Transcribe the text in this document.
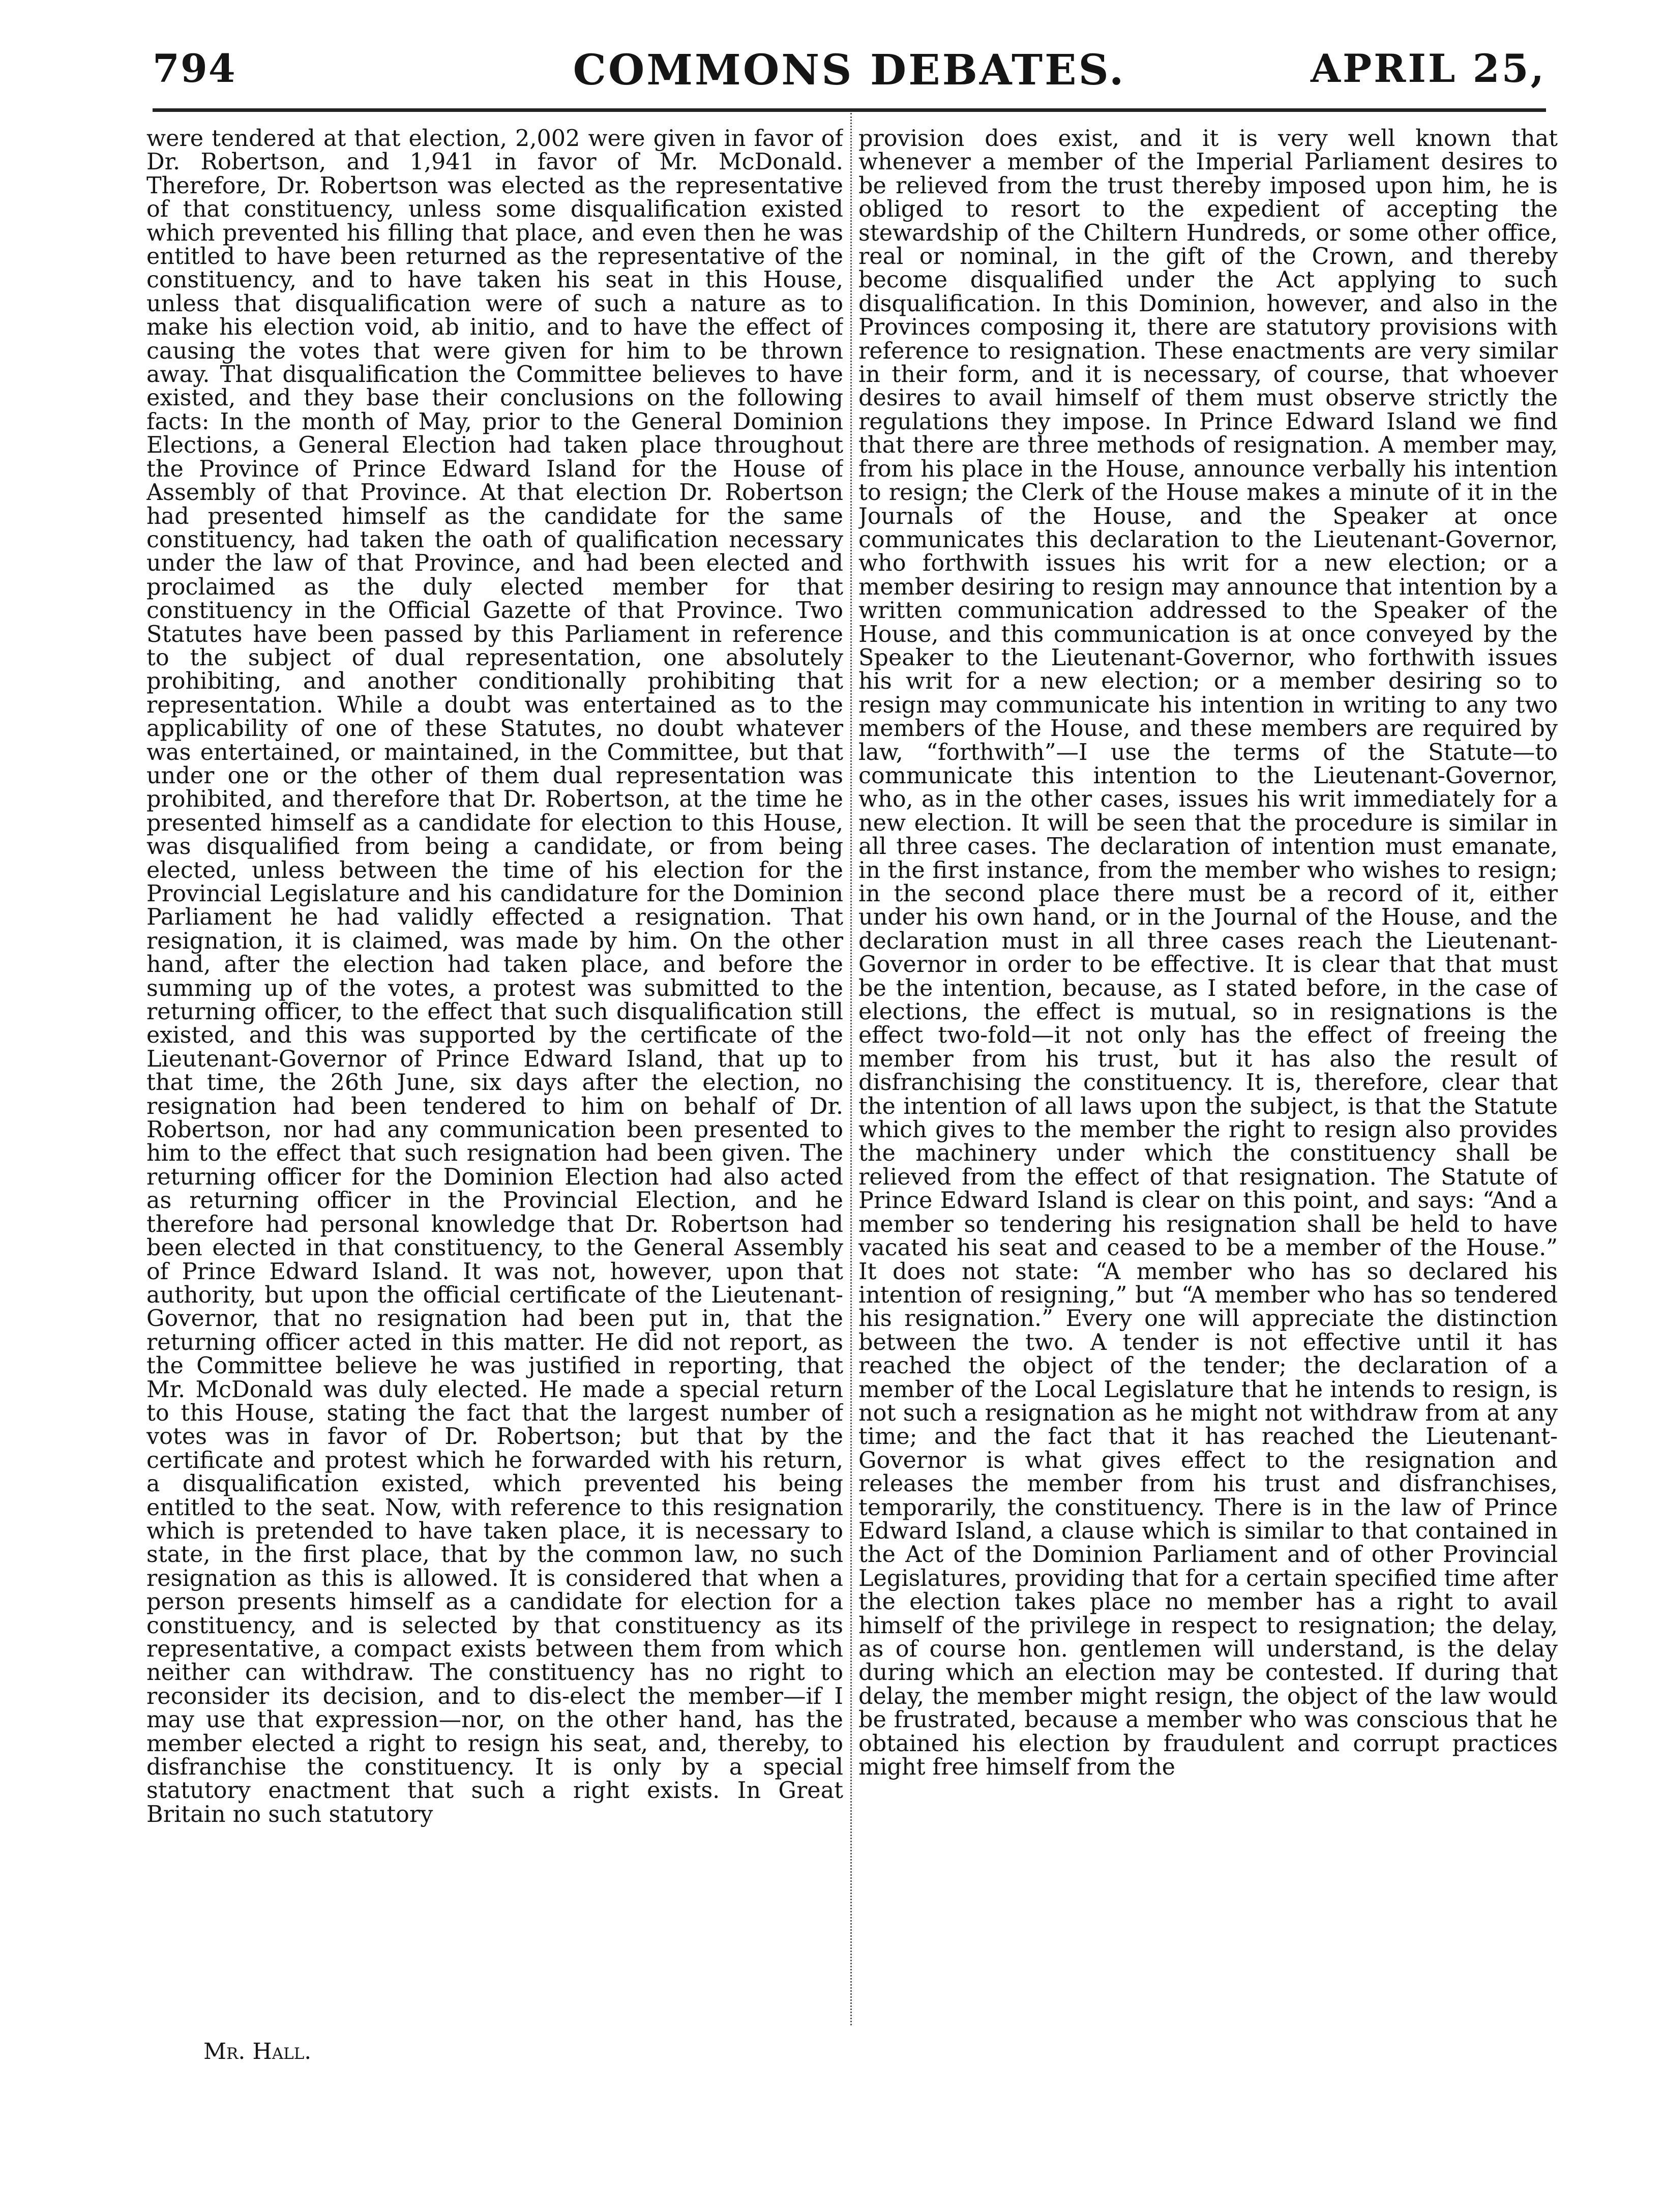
794	COMMONS DEBATES.	APRIL 25,

were tendered at that election, 2,002 were given in favor of Dr. Robertson, and 1,941 in favor of Mr. McDonald. Therefore, Dr. Robertson was elected as the representative of that constituency, unless some disqualification existed which prevented his filling that place, and even then he was entitled to have been returned as the representative of the constituency, and to have taken his seat in this House, unless that disqualification were of such a nature as to make his election void, ab initio, and to have the effect of causing the votes that were given for him to be thrown away. That disqualification the Committee believes to have existed, and they base their conclusions on the following facts: In the month of May, prior to the General Dominion Elections, a General Election had taken place throughout the Province of Prince Edward Island for the House of Assembly of that Province. At that election Dr. Robertson had presented himself as the candidate for the same constituency, had taken the oath of qualification necessary under the law of that Province, and had been elected and proclaimed as the duly elected member for that constituency in the Official Gazette of that Province. Two Statutes have been passed by this Parliament in reference to the subject of dual representation, one absolutely prohibiting, and another conditionally prohibiting that representation. While a doubt was entertained as to the applicability of one of these Statutes, no doubt whatever was entertained, or maintained, in the Committee, but that under one or the other of them dual representation was prohibited, and therefore that Dr. Robertson, at the time he presented himself as a candidate for election to this House, was disqualified from being a candidate, or from being elected, unless between the time of his election for the Provincial Legislature and his candidature for the Dominion Parliament he had validly effected a resignation. That resignation, it is claimed, was made by him. On the other hand, after the election had taken place, and before the summing up of the votes, a protest was submitted to the returning officer, to the effect that such disqualification still existed, and this was supported by the certificate of the Lieutenant-Governor of Prince Edward Island, that up to that time, the 26th June, six days after the election, no resignation had been tendered to him on behalf of Dr. Robertson, nor had any communication been presented to him to the effect that such resignation had been given. The returning officer for the Dominion Election had also acted as returning officer in the Provincial Election, and he therefore had personal knowledge that Dr. Robertson had been elected in that constituency, to the General Assembly of Prince Edward Island. It was not, however, upon that authority, but upon the official certificate of the Lieutenant-Governor, that no resignation had been put in, that the returning officer acted in this matter. He did not report, as the Committee believe he was justified in reporting, that Mr. McDonald was duly elected. He made a special return to this House, stating the fact that the largest number of votes was in favor of Dr. Robertson; but that by the certificate and protest which he forwarded with his return, a disqualification existed, which prevented his being entitled to the seat. Now, with reference to this resignation which is pretended to have taken place, it is necessary to state, in the first place, that by the common law, no such resignation as this is allowed. It is considered that when a person presents himself as a candidate for election for a constituency, and is selected by that constituency as its representative, a compact exists between them from which neither can withdraw. The constituency has no right to reconsider its decision, and to dis-elect the member—if I may use that expression—nor, on the other hand, has the member elected a right to resign his seat, and, thereby, to disfranchise the constituency. It is only by a special statutory enactment that such a right exists. In Great Britain no such statutory

provision does exist, and it is very well known that whenever a member of the Imperial Parliament desires to be relieved from the trust thereby imposed upon him, he is obliged to resort to the expedient of accepting the stewardship of the Chiltern Hundreds, or some other office, real or nominal, in the gift of the Crown, and thereby become disqualified under the Act applying to such disqualification. In this Dominion, however, and also in the Provinces composing it, there are statutory provisions with reference to resignation. These enactments are very similar in their form, and it is necessary, of course, that whoever desires to avail himself of them must observe strictly the regulations they impose. In Prince Edward Island we find that there are three methods of resignation. A member may, from his place in the House, announce verbally his intention to resign; the Clerk of the House makes a minute of it in the Journals of the House, and the Speaker at once communicates this declaration to the Lieutenant-Governor, who forthwith issues his writ for a new election; or a member desiring to resign may announce that intention by a written communication addressed to the Speaker of the House, and this communication is at once conveyed by the Speaker to the Lieutenant-Governor, who forthwith issues his writ for a new election; or a member desiring so to resign may communicate his intention in writing to any two members of the House, and these members are required by law, “forthwith”—I use the terms of the Statute—to communicate this intention to the Lieutenant-Governor, who, as in the other cases, issues his writ immediately for a new election. It will be seen that the procedure is similar in all three cases. The declaration of intention must emanate, in the first instance, from the member who wishes to resign; in the second place there must be a record of it, either under his own hand, or in the Journal of the House, and the declaration must in all three cases reach the Lieutenant-Governor in order to be effective. It is clear that that must be the intention, because, as I stated before, in the case of elections, the effect is mutual, so in resignations is the effect two-fold—it not only has the effect of freeing the member from his trust, but it has also the result of disfranchising the constituency. It is, therefore, clear that the intention of all laws upon the subject, is that the Statute which gives to the member the right to resign also provides the machinery under which the constituency shall be relieved from the effect of that resignation. The Statute of Prince Edward Island is clear on this point, and says: “And a member so tendering his resignation shall be held to have vacated his seat and ceased to be a member of the House.” It does not state: “A member who has so declared his intention of resigning,” but “A member who has so tendered his resignation.” Every one will appreciate the distinction between the two. A tender is not effective until it has reached the object of the tender; the declaration of a member of the Local Legislature that he intends to resign, is not such a resignation as he might not withdraw from at any time; and the fact that it has reached the Lieutenant-Governor is what gives effect to the resignation and releases the member from his trust and disfranchises, temporarily, the constituency. There is in the law of Prince Edward Island, a clause which is similar to that contained in the Act of the Dominion Parliament and of other Provincial Legislatures, providing that for a certain specified time after the election takes place no member has a right to avail himself of the privilege in respect to resignation; the delay, as of course hon. gentlemen will understand, is the delay during which an election may be contested. If during that delay, the member might resign, the object of the law would be frustrated, because a member who was conscious that he obtained his election by fraudulent and corrupt practices might free himself from the

Mr. Hall.
